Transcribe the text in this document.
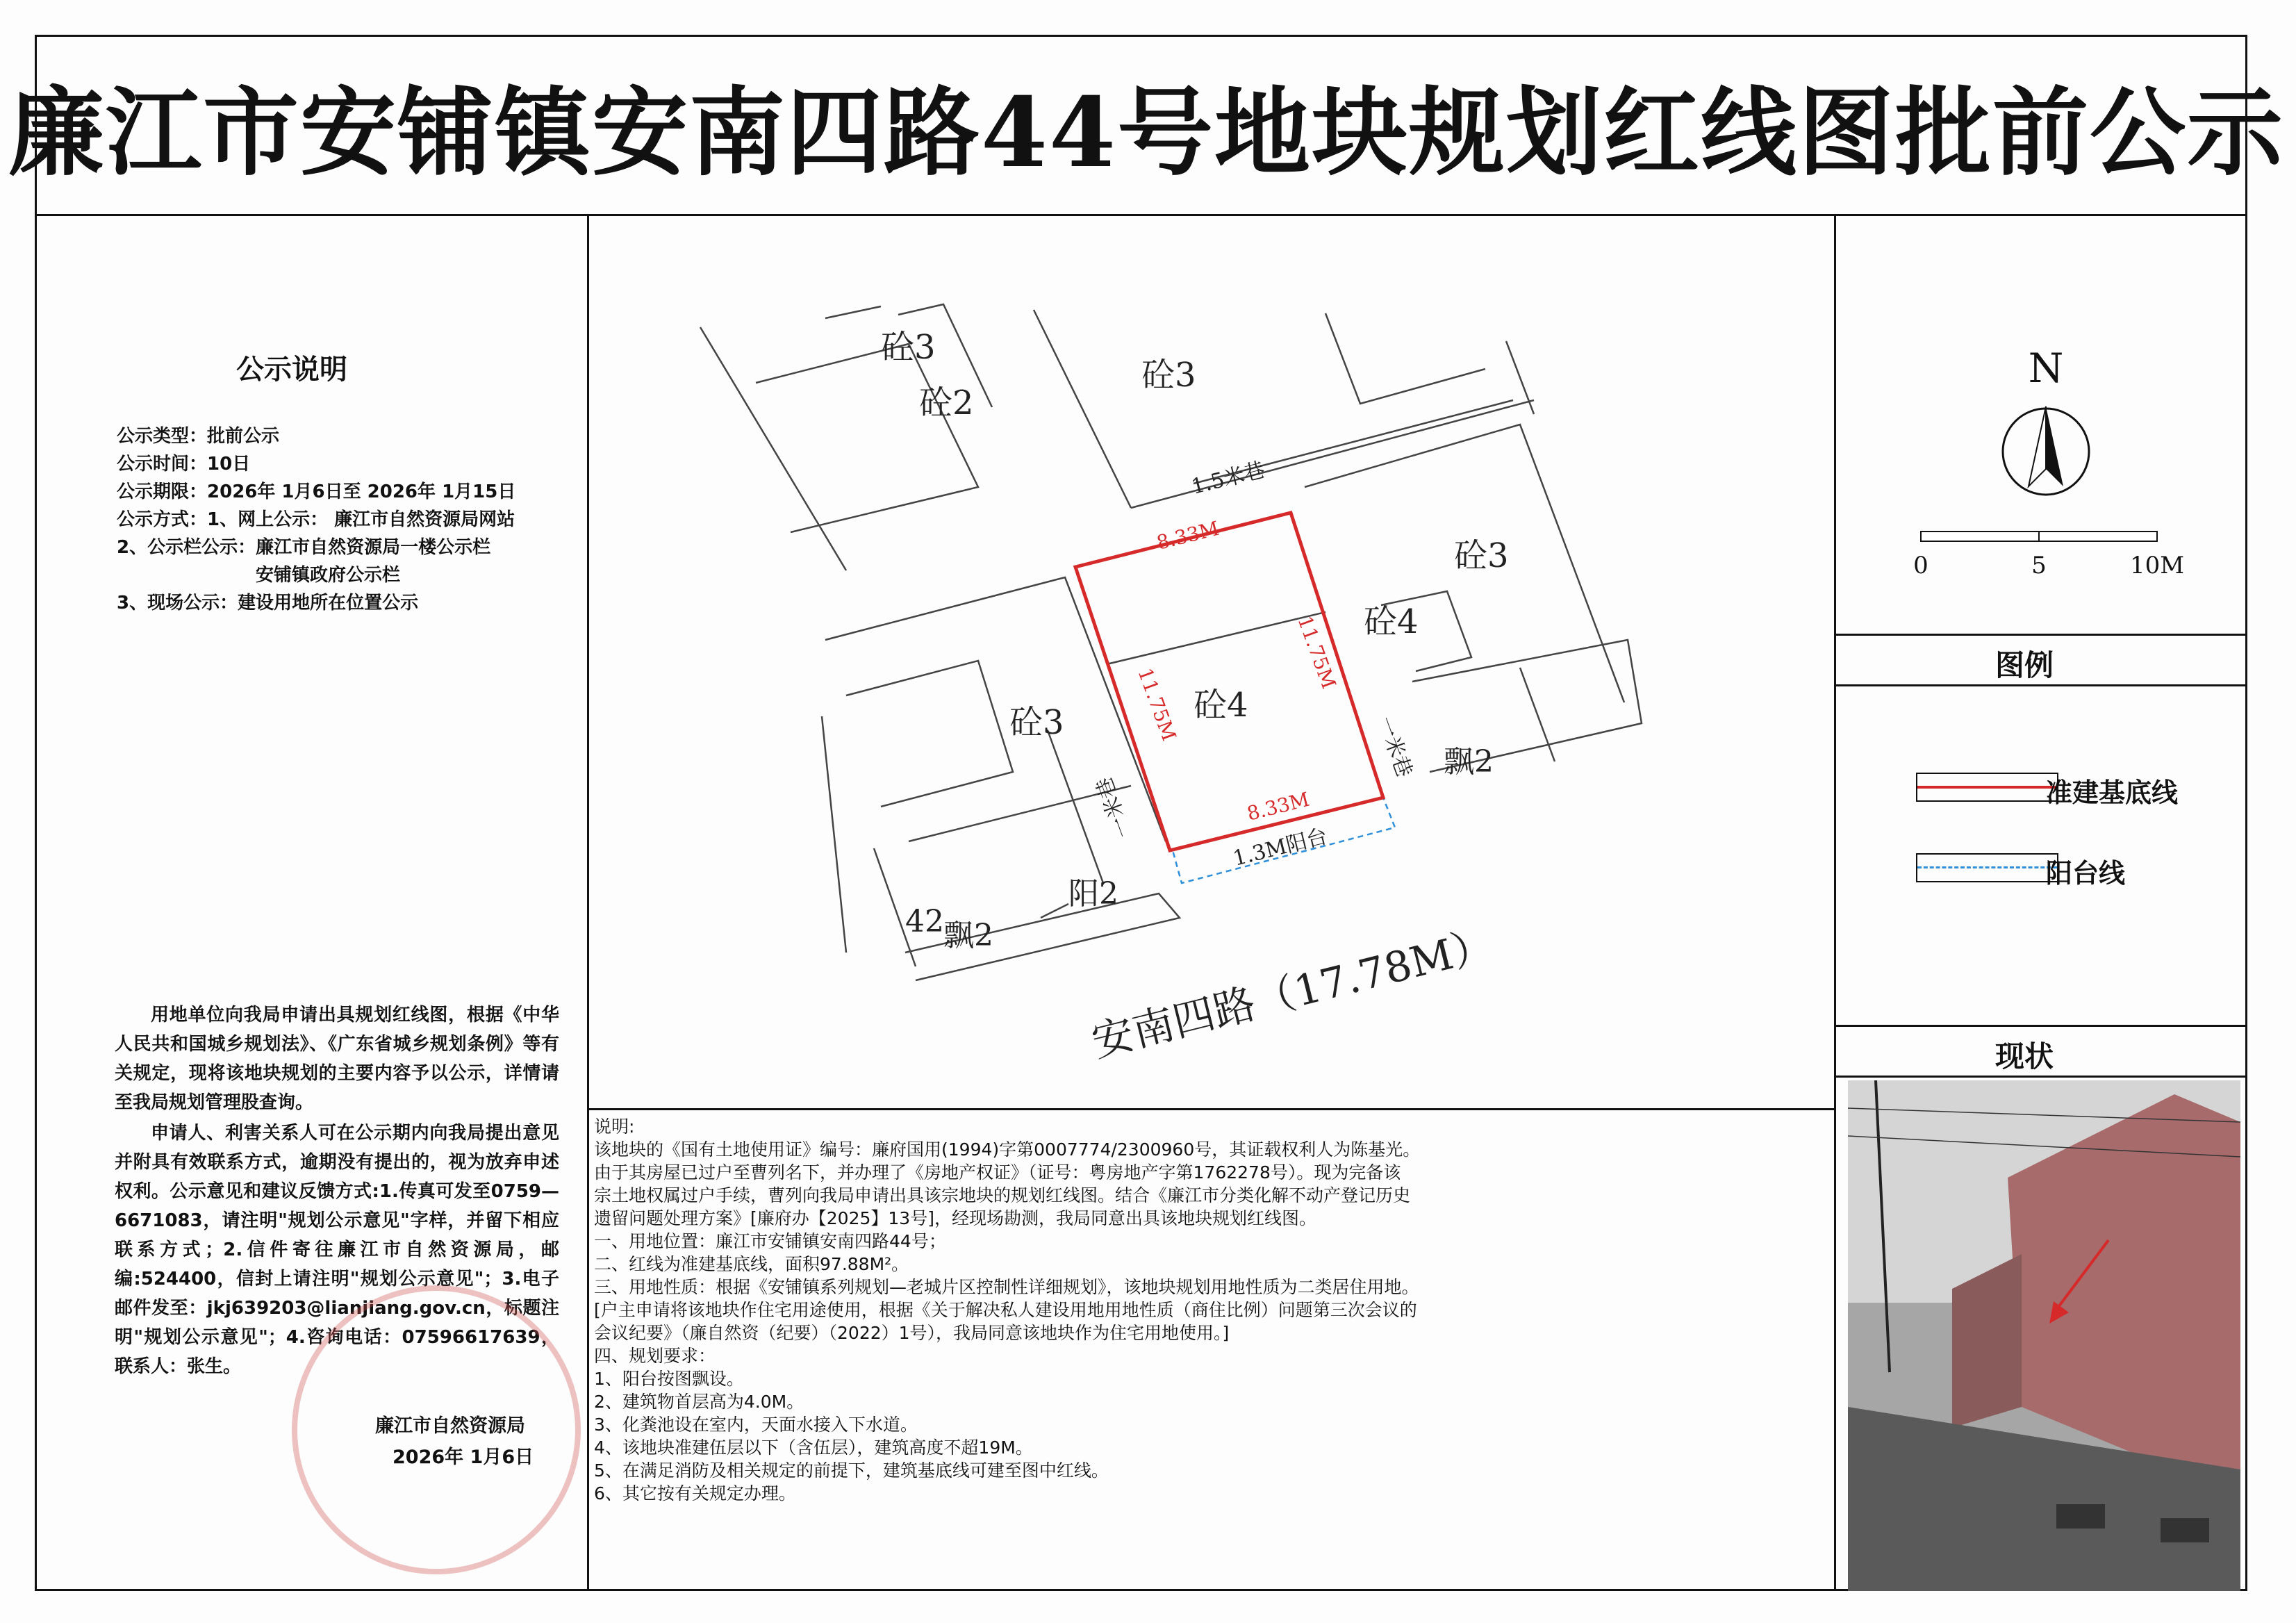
廉江市安铺镇安南四路44号地块规划红线图批前公示
公示说明
公示类型：批前公示
公示时间：10日
公示期限：2026年 1月6日至 2026年 1月15日
公示方式：1、网上公示： 廉江市自然资源局网站
2、公示栏公示：廉江市自然资源局一楼公示栏
安铺镇政府公示栏
3、现场公示：建设用地所在位置公示
用地单位向我局申请出具规划红线图，根据《中华人民共和国城乡规划法》、《广东省城乡规划条例》等有关规定，现将该地块规划的主要内容予以公示，详情请至我局规划管理股查询。
申请人、利害关系人可在公示期内向我局提出意见并附具有效联系方式，逾期没有提出的，视为放弃申述权利。公示意见和建议反馈方式:1.传真可发至0759—6671083，请注明"规划公示意见"字样，并留下相应联系方式；2.信件寄往廉江市自然资源局，邮编:524400，信封上请注明"规划公示意见"；3.电子邮件发至：jkj639203@lianjiang.gov.cn，标题注明"规划公示意见"；4.咨询电话：07596617639，联系人：张生。
廉江市自然资源局
2026年 1月6日
砼3
砼2
砼3
砼3
砼4
砼3	砼4
1.5米巷
一米巷
一米巷
1.3M阳台
8.33M
8.33M
11.75M
11.75M
飘2
飘2
阳2
42	安南四路（17.78M）
说明:
该地块的《国有土地使用证》编号：廉府国用(1994)字第0007774/2300960号，其证载权利人为陈基光。
由于其房屋已过户至曹列名下，并办理了《房地产权证》（证号：粤房地产字第1762278号）。现为完备该
宗土地权属过户手续，曹列向我局申请出具该宗地块的规划红线图。结合《廉江市分类化解不动产登记历史
遗留问题处理方案》[廉府办【2025】13号]，经现场勘测，我局同意出具该地块规划红线图。
一、用地位置：廉江市安铺镇安南四路44号；
二、红线为准建基底线，面积97.88M²。
三、用地性质：根据《安铺镇系列规划—老城片区控制性详细规划》，该地块规划用地性质为二类居住用地。
[户主申请将该地块作住宅用途使用，根据《关于解决私人建设用地用地性质（商住比例）问题第三次会议的
会议纪要》（廉自然资（纪要）（2022）1号），我局同意该地块作为住宅用地使用。]
四、规划要求：
1、阳台按图飘设。
2、建筑物首层高为4.0M。
3、化粪池设在室内，天面水接入下水道。
4、该地块准建伍层以下（含伍层），建筑高度不超19M。
5、在满足消防及相关规定的前提下，建筑基底线可建至图中红线。
6、其它按有关规定办理。
N
0	5	10M
图例
准建基底线
阳台线
现状
